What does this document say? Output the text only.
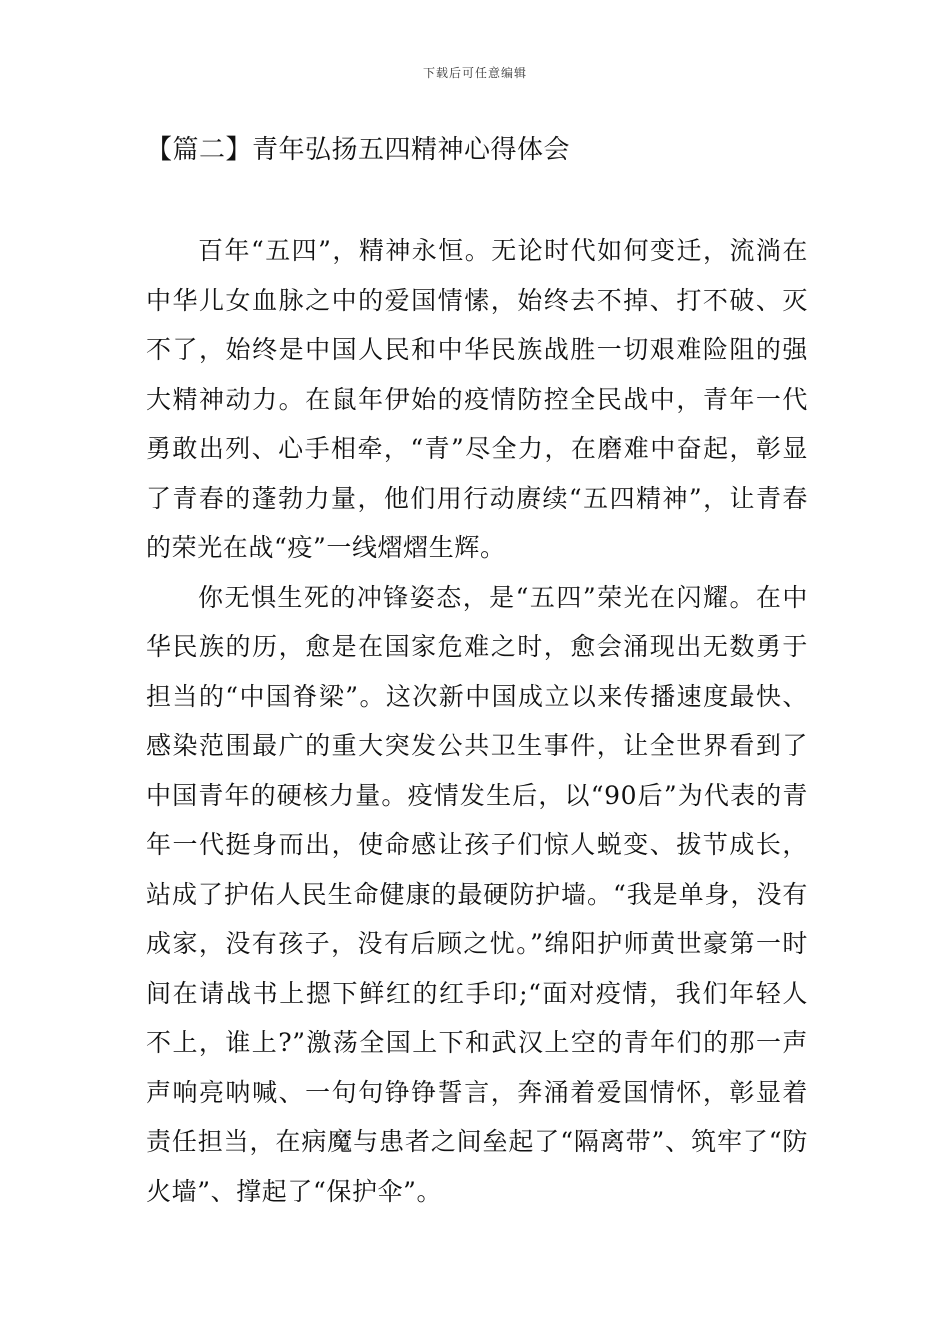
下载后可任意编辑
【篇二】青年弘扬五四精神心得体会

百年“五四”，精神永恒。无论时代如何变迁，流淌在中华儿女血脉之中的爱国情愫，始终去不掉、打不破、灭不了，始终是中国人民和中华民族战胜一切艰难险阻的强大精神动力。在鼠年伊始的疫情防控全民战中，青年一代勇敢出列、心手相牵，“青”尽全力，在磨难中奋起，彰显了青春的蓬勃力量，他们用行动赓续“五四精神”，让青春的荣光在战“疫”一线熠熠生辉。

你无惧生死的冲锋姿态，是“五四”荣光在闪耀。在中华民族的历，愈是在国家危难之时，愈会涌现出无数勇于担当的“中国脊梁”。这次新中国成立以来传播速度最快、感染范围最广的重大突发公共卫生事件，让全世界看到了中国青年的硬核力量。疫情发生后，以“90后”为代表的青年一代挺身而出，使命感让孩子们惊人蜕变、拔节成长，站成了护佑人民生命健康的最硬防护墙。“我是单身，没有成家，没有孩子，没有后顾之忧。”绵阳护师黄世豪第一时间在请战书上摁下鲜红的红手印;“面对疫情，我们年轻人不上，谁上?”激荡全国上下和武汉上空的青年们的那一声声响亮呐喊、一句句铮铮誓言，奔涌着爱国情怀，彰显着责任担当，在病魔与患者之间垒起了“隔离带”、筑牢了“防火墙”、撑起了“保护伞”。
